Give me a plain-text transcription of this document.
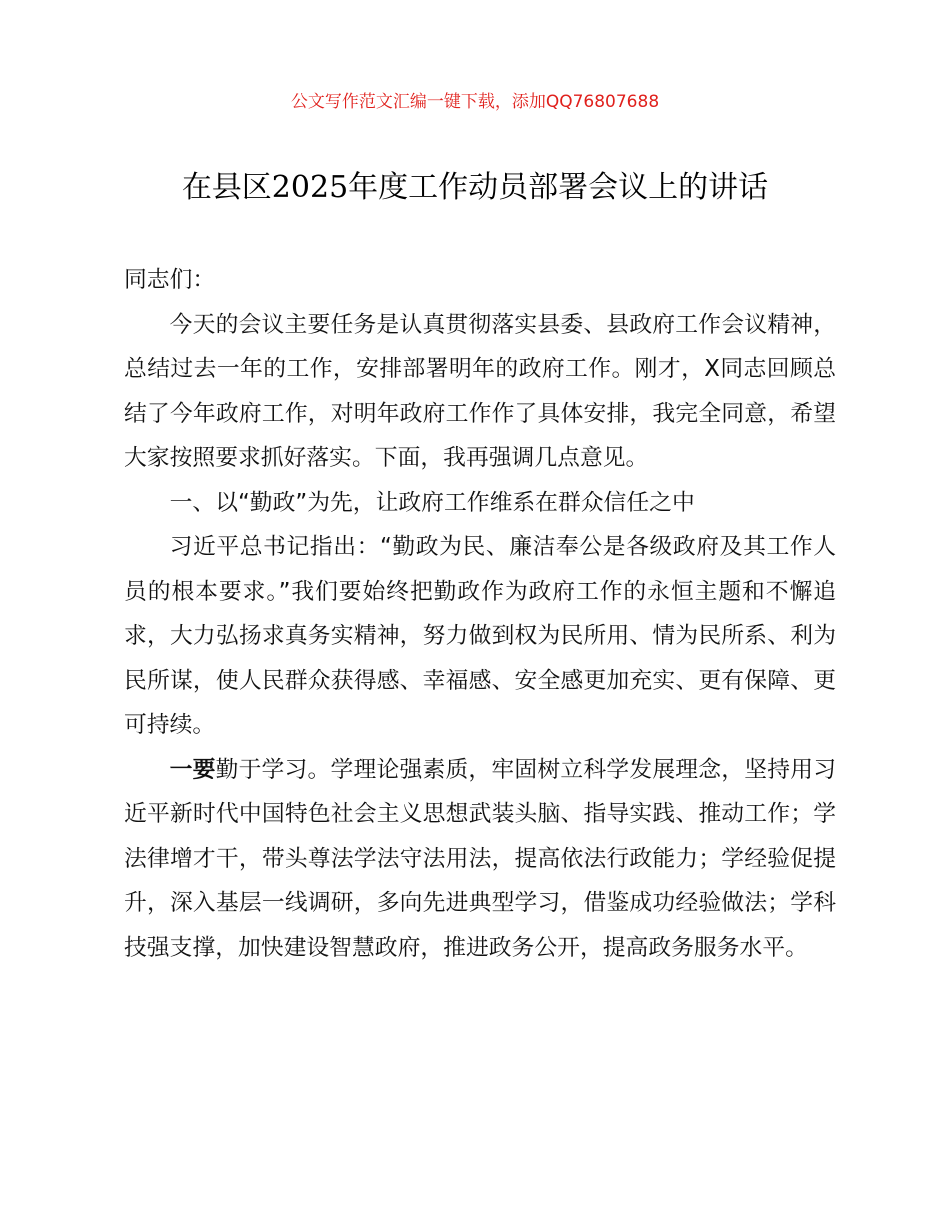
公文写作范文汇编一键下载，添加QQ76807688
在县区2025年度工作动员部署会议上的讲话

同志们：

今天的会议主要任务是认真贯彻落实县委、县政府工作会议精神，总结过去一年的工作，安排部署明年的政府工作。刚才，X同志回顾总结了今年政府工作，对明年政府工作作了具体安排，我完全同意，希望大家按照要求抓好落实。下面，我再强调几点意见。

一、以“勤政”为先，让政府工作维系在群众信任之中

习近平总书记指出：“勤政为民、廉洁奉公是各级政府及其工作人员的根本要求。”我们要始终把勤政作为政府工作的永恒主题和不懈追求，大力弘扬求真务实精神，努力做到权为民所用、情为民所系、利为民所谋，使人民群众获得感、幸福感、安全感更加充实、更有保障、更可持续。

一要勤于学习。学理论强素质，牢固树立科学发展理念，坚持用习近平新时代中国特色社会主义思想武装头脑、指导实践、推动工作；学法律增才干，带头尊法学法守法用法，提高依法行政能力；学经验促提升，深入基层一线调研，多向先进典型学习，借鉴成功经验做法；学科技强支撑，加快建设智慧政府，推进政务公开，提高政务服务水平。
